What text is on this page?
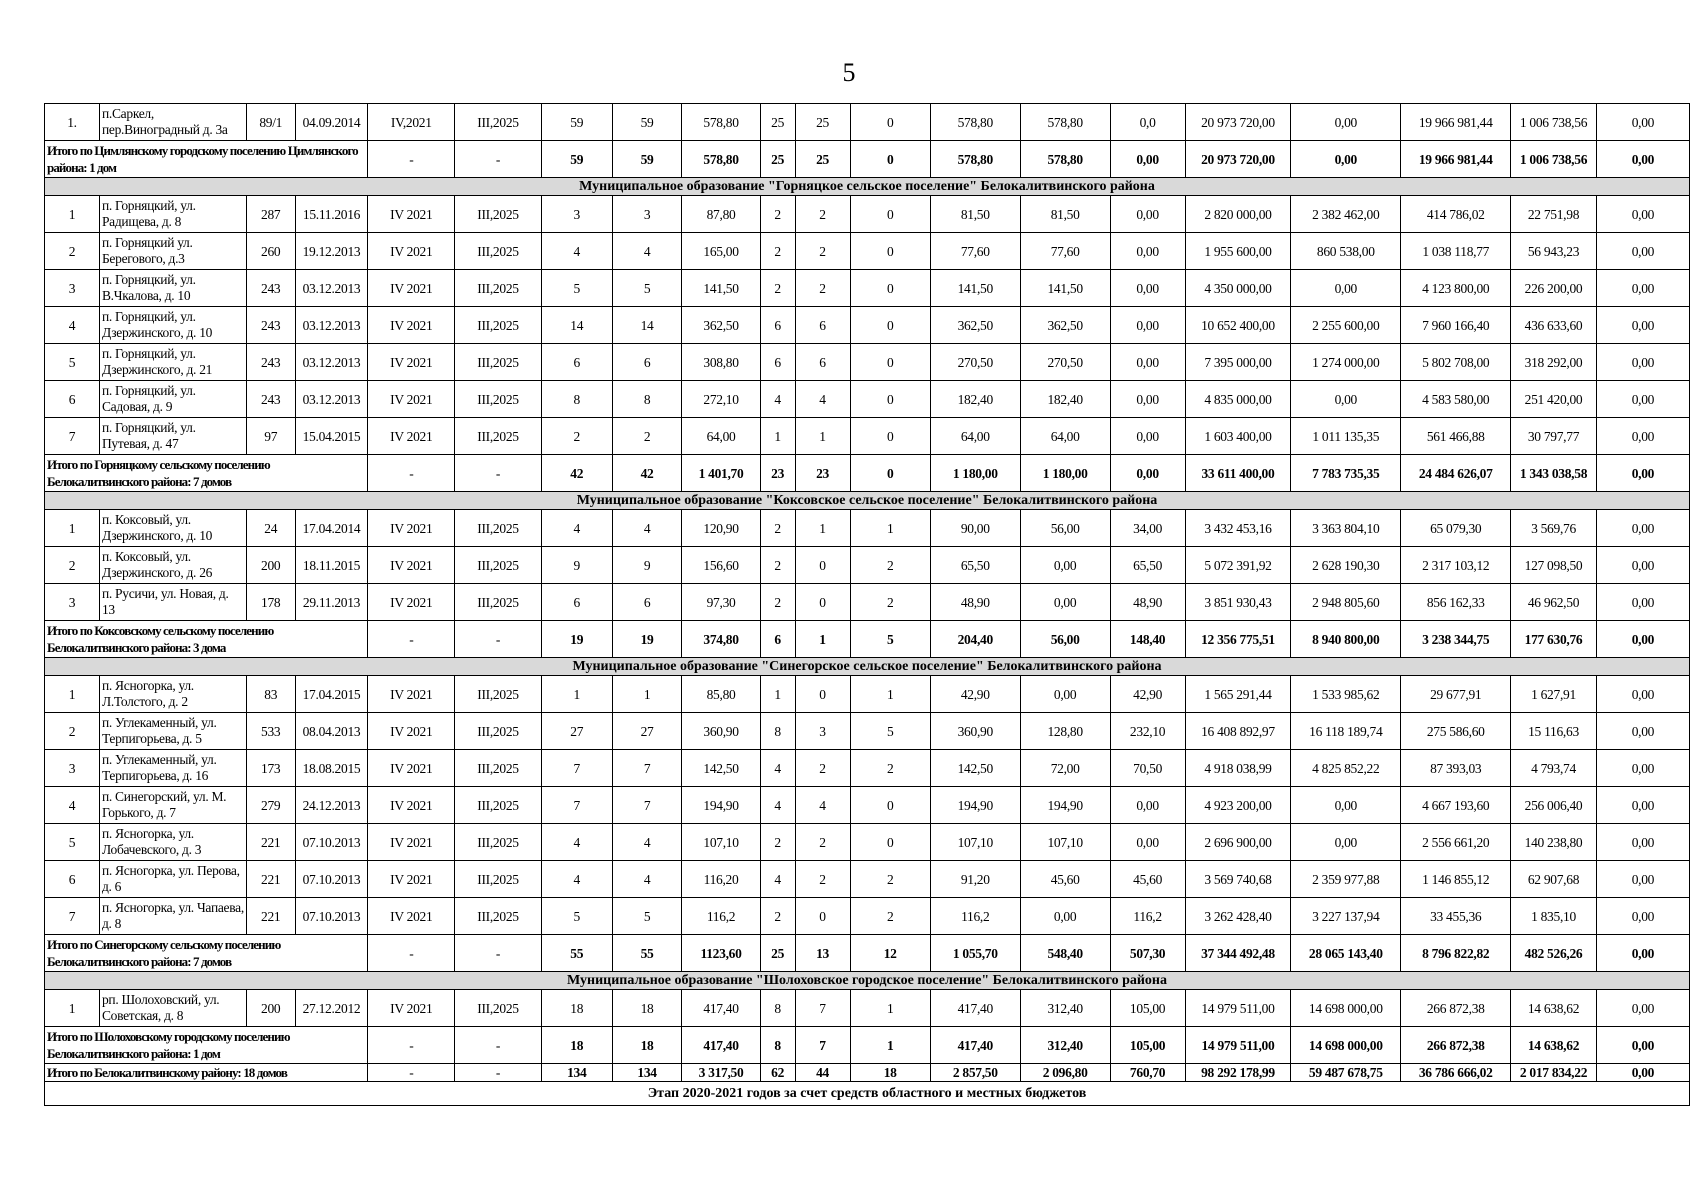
5
1.	п.Саркел, пер.Виноградный д. 3а	89/1	04.09.2014	IV,2021	III,2025	59	59	578,80	25	25	0	578,80	578,80	0,0	20 973 720,00	0,00	19 966 981,44	1 006 738,56	0,00
Итого по Цимлянскому городскому поселению Цимлянского района: 1 дом				-	-	59	59	578,80	25	25	0	578,80	578,80	0,00	20 973 720,00	0,00	19 966 981,44	1 006 738,56	0,00
Муниципальное образование "Горняцкое сельское поселение" Белокалитвинского района																			
1	п. Горняцкий, ул. Радищева, д. 8	287	15.11.2016	IV 2021	III,2025	3	3	87,80	2	2	0	81,50	81,50	0,00	2 820 000,00	2 382 462,00	414 786,02	22 751,98	0,00
2	п. Горняцкий ул. Берегового, д.3	260	19.12.2013	IV 2021	III,2025	4	4	165,00	2	2	0	77,60	77,60	0,00	1 955 600,00	860 538,00	1 038 118,77	56 943,23	0,00
3	п. Горняцкий, ул. В.Чкалова, д. 10	243	03.12.2013	IV 2021	III,2025	5	5	141,50	2	2	0	141,50	141,50	0,00	4 350 000,00	0,00	4 123 800,00	226 200,00	0,00
4	п. Горняцкий, ул. Дзержинского, д. 10	243	03.12.2013	IV 2021	III,2025	14	14	362,50	6	6	0	362,50	362,50	0,00	10 652 400,00	2 255 600,00	7 960 166,40	436 633,60	0,00
5	п. Горняцкий, ул. Дзержинского, д. 21	243	03.12.2013	IV 2021	III,2025	6	6	308,80	6	6	0	270,50	270,50	0,00	7 395 000,00	1 274 000,00	5 802 708,00	318 292,00	0,00
6	п. Горняцкий, ул. Садовая, д. 9	243	03.12.2013	IV 2021	III,2025	8	8	272,10	4	4	0	182,40	182,40	0,00	4 835 000,00	0,00	4 583 580,00	251 420,00	0,00
7	п. Горняцкий, ул. Путевая, д. 47	97	15.04.2015	IV 2021	III,2025	2	2	64,00	1	1	0	64,00	64,00	0,00	1 603 400,00	1 011 135,35	561 466,88	30 797,77	0,00
Итого по Горняцкому сельскому поселению Белокалитвинского района: 7 домов				-	-	42	42	1 401,70	23	23	0	1 180,00	1 180,00	0,00	33 611 400,00	7 783 735,35	24 484 626,07	1 343 038,58	0,00
Муниципальное образование "Коксовское сельское поселение" Белокалитвинского района																			
1	п. Коксовый, ул. Дзержинского, д. 10	24	17.04.2014	IV 2021	III,2025	4	4	120,90	2	1	1	90,00	56,00	34,00	3 432 453,16	3 363 804,10	65 079,30	3 569,76	0,00
2	п. Коксовый, ул. Дзержинского, д. 26	200	18.11.2015	IV 2021	III,2025	9	9	156,60	2	0	2	65,50	0,00	65,50	5 072 391,92	2 628 190,30	2 317 103,12	127 098,50	0,00
3	п. Русичи, ул. Новая, д. 13	178	29.11.2013	IV 2021	III,2025	6	6	97,30	2	0	2	48,90	0,00	48,90	3 851 930,43	2 948 805,60	856 162,33	46 962,50	0,00
Итого по Коксовскому сельскому поселению Белокалитвинского района: 3 дома				-	-	19	19	374,80	6	1	5	204,40	56,00	148,40	12 356 775,51	8 940 800,00	3 238 344,75	177 630,76	0,00
Муниципальное образование "Синегорское сельское поселение" Белокалитвинского района																			
1	п. Ясногорка, ул. Л.Толстого, д. 2	83	17.04.2015	IV 2021	III,2025	1	1	85,80	1	0	1	42,90	0,00	42,90	1 565 291,44	1 533 985,62	29 677,91	1 627,91	0,00
2	п. Углекаменный, ул. Терпигорьева, д. 5	533	08.04.2013	IV 2021	III,2025	27	27	360,90	8	3	5	360,90	128,80	232,10	16 408 892,97	16 118 189,74	275 586,60	15 116,63	0,00
3	п. Углекаменный, ул. Терпигорьева, д. 16	173	18.08.2015	IV 2021	III,2025	7	7	142,50	4	2	2	142,50	72,00	70,50	4 918 038,99	4 825 852,22	87 393,03	4 793,74	0,00
4	п. Синегорский, ул. М. Горького, д. 7	279	24.12.2013	IV 2021	III,2025	7	7	194,90	4	4	0	194,90	194,90	0,00	4 923 200,00	0,00	4 667 193,60	256 006,40	0,00
5	п. Ясногорка, ул. Лобачевского, д. 3	221	07.10.2013	IV 2021	III,2025	4	4	107,10	2	2	0	107,10	107,10	0,00	2 696 900,00	0,00	2 556 661,20	140 238,80	0,00
6	п. Ясногорка, ул. Перова, д. 6	221	07.10.2013	IV 2021	III,2025	4	4	116,20	4	2	2	91,20	45,60	45,60	3 569 740,68	2 359 977,88	1 146 855,12	62 907,68	0,00
7	п. Ясногорка, ул. Чапаева, д. 8	221	07.10.2013	IV 2021	III,2025	5	5	116,2	2	0	2	116,2	0,00	116,2	3 262 428,40	3 227 137,94	33 455,36	1 835,10	0,00
Итого по Синегорскому сельскому поселению Белокалитвинского района: 7 домов				-	-	55	55	1123,60	25	13	12	1 055,70	548,40	507,30	37 344 492,48	28 065 143,40	8 796 822,82	482 526,26	0,00
Муниципальное образование "Шолоховское городское поселение" Белокалитвинского района																			
1	рп. Шолоховский, ул. Советская, д. 8	200	27.12.2012	IV 2021	III,2025	18	18	417,40	8	7	1	417,40	312,40	105,00	14 979 511,00	14 698 000,00	266 872,38	14 638,62	0,00
Итого по Шолоховскому городскому поселению Белокалитвинского района: 1 дом				-	-	18	18	417,40	8	7	1	417,40	312,40	105,00	14 979 511,00	14 698 000,00	266 872,38	14 638,62	0,00
Итого по Белокалитвинскому району: 18 домов				-	-	134	134	3 317,50	62	44	18	2 857,50	2 096,80	760,70	98 292 178,99	59 487 678,75	36 786 666,02	2 017 834,22	0,00
Этап 2020-2021 годов за счет средств областного и местных бюджетов																			
